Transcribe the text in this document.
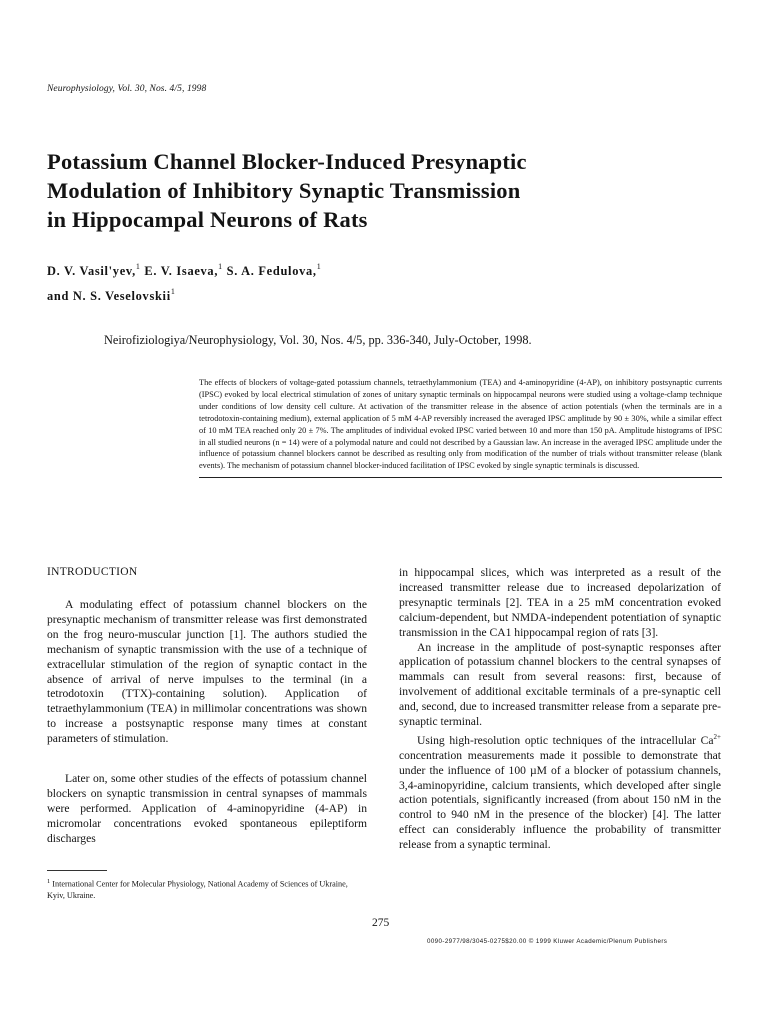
Neurophysiology, Vol. 30, Nos. 4/5, 1998
Potassium Channel Blocker-Induced Presynaptic
Modulation of Inhibitory Synaptic Transmission
in Hippocampal Neurons of Rats
D. V. Vasil'yev,$^1$ E. V. Isaeva,$^1$ S. A. Fedulova,$^1$
and N. S. Veselovskii$^1$
Neirofiziologiya/Neurophysiology, Vol. 30, Nos. 4/5, pp. 336-340, July-October, 1998.

The effects of blockers of voltage-gated potassium channels, tetraethylammonium (TEA) and 4-aminopyridine (4-AP), on inhibitory postsynaptic currents (IPSC) evoked by local electrical stimulation of zones of unitary synaptic terminals on hippocampal neurons were studied using a voltage-clamp technique under conditions of low density cell culture. At activation of the transmitter release in the absence of action potentials (when the terminals are in a tetrodotoxin-containing medium), external application of 5 mM 4-AP reversibly increased the averaged IPSC amplitude by 90 ± 30%, while a similar effect of 10 mM TEA reached only 20 ± 7%. The amplitudes of individual evoked IPSC varied between 10 and more than 150 pA. Amplitude histograms of IPSC in all studied neurons (n = 14) were of a polymodal nature and could not described by a Gaussian law. An increase in the averaged IPSC amplitude under the influence of potassium channel blockers cannot be described as resulting only from modification of the number of trials without transmitter release (blank events). The mechanism of potassium channel blocker-induced facilitation of IPSC evoked by single synaptic terminals is discussed.

INTRODUCTION

A modulating effect of potassium channel blockers on the presynaptic mechanism of transmitter release was first demonstrated on the frog neuro-muscular junction [1]. The authors studied the mechanism of synaptic transmission with the use of a technique of extracellular stimulation of the region of synaptic contact in the absence of arrival of nerve impulses to the terminal (in a tetrodotoxin (TTX)-containing solution). Application of tetraethylammonium (TEA) in millimolar concentrations was shown to increase a postsynaptic response many times at constant parameters of stimulation.

Later on, some other studies of the effects of potassium channel blockers on synaptic transmission in central synapses of mammals were performed. Application of 4-aminopyridine (4-AP) in micromolar concentrations evoked spontaneous epileptiform discharges

in hippocampal slices, which was interpreted as a result of the increased transmitter release due to increased depolarization of presynaptic terminals [2]. TEA in a 25 mM concentration evoked calcium-dependent, but NMDA-independent potentiation of synaptic transmission in the CA1 hippocampal region of rats [3].

An increase in the amplitude of post-synaptic responses after application of potassium channel blockers to the central synapses of mammals can result from several reasons: first, because of involvement of additional excitable terminals of a pre-synaptic cell and, second, due to increased transmitter release from a separate pre-synaptic terminal.

Using high-resolution optic techniques of the intracellular $Ca^{2+}$ concentration measurements made it possible to demonstrate that under the influence of 100 µM of a blocker of potassium channels, 3,4-aminopyridine, calcium transients, which developed after single action potentials, significantly increased (from about 150 nM in the control to 940 nM in the presence of the blocker) [4]. The latter effect can considerably influence the probability of transmitter release from a synaptic terminal.

$^1$ International Center for Molecular Physiology, National Academy of Sciences of Ukraine, Kyiv, Ukraine.

275
0090-2977/98/3045-0275$20.00 © 1999 Kluwer Academic/Plenum Publishers
